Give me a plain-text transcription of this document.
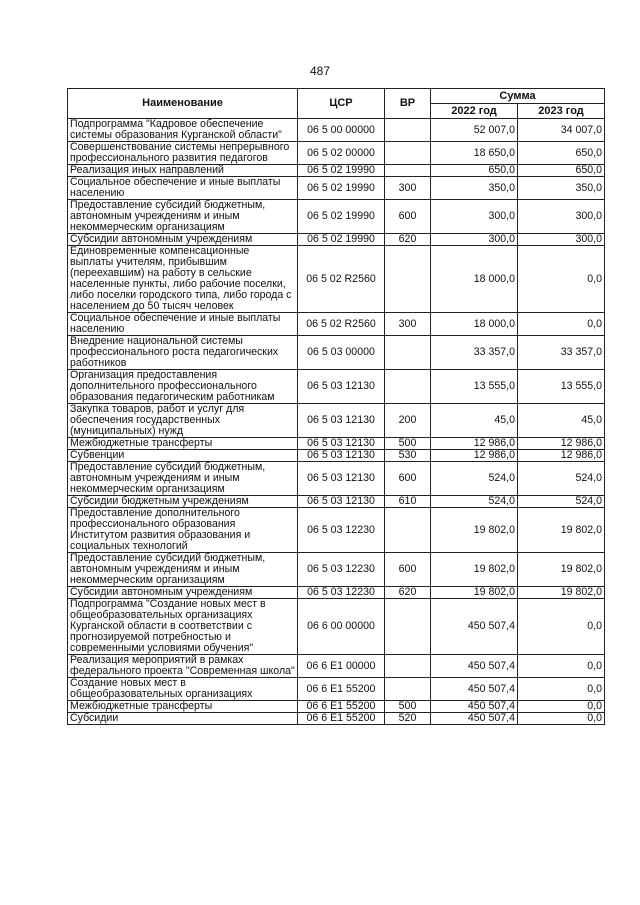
487
Наименование	ЦСР	ВР	Сумма	
			2022 год	2023 год
Подпрограмма "Кадровое обеспечение системы образования Курганской области"	06 5 00 00000		52 007,0	34 007,0
Совершенствование системы непрерывного профессионального развития педагогов	06 5 02 00000		18 650,0	650,0
Реализация иных направлений	06 5 02 19990		650,0	650,0
Социальное обеспечение и иные выплаты населению	06 5 02 19990	300	350,0	350,0
Предоставление субсидий бюджетным, автономным учреждениям и иным некоммерческим организациям	06 5 02 19990	600	300,0	300,0
Субсидии автономным учреждениям	06 5 02 19990	620	300,0	300,0
Единовременные компенсационные выплаты учителям, прибывшим (переехавшим) на работу в сельские населенные пункты, либо рабочие поселки, либо поселки городского типа, либо города с населением до 50 тысяч человек	06 5 02 R2560		18 000,0	0,0
Социальное обеспечение и иные выплаты населению	06 5 02 R2560	300	18 000,0	0,0
Внедрение национальной системы профессионального роста педагогических работников	06 5 03 00000		33 357,0	33 357,0
Организация предоставления дополнительного профессионального образования педагогическим работникам	06 5 03 12130		13 555,0	13 555,0
Закупка товаров, работ и услуг для обеспечения государственных (муниципальных) нужд	06 5 03 12130	200	45,0	45,0
Межбюджетные трансферты	06 5 03 12130	500	12 986,0	12 986,0
Субвенции	06 5 03 12130	530	12 986,0	12 986,0
Предоставление субсидий бюджетным, автономным учреждениям и иным некоммерческим организациям	06 5 03 12130	600	524,0	524,0
Субсидии бюджетным учреждениям	06 5 03 12130	610	524,0	524,0
Предоставление дополнительного профессионального образования Институтом развития образования и социальных технологий	06 5 03 12230		19 802,0	19 802,0
Предоставление субсидий бюджетным, автономным учреждениям и иным некоммерческим организациям	06 5 03 12230	600	19 802,0	19 802,0
Субсидии автономным учреждениям	06 5 03 12230	620	19 802,0	19 802,0
Подпрограмма "Создание новых мест в общеобразовательных организациях Курганской области в соответствии с прогнозируемой потребностью и современными условиями обучения"	06 6 00 00000		450 507,4	0,0
Реализация мероприятий в рамках федерального проекта "Современная школа"	06 6 E1 00000		450 507,4	0,0
Создание новых мест в общеобразовательных организациях	06 6 E1 55200		450 507,4	0,0
Межбюджетные трансферты	06 6 E1 55200	500	450 507,4	0,0
Субсидии	06 6 E1 55200	520	450 507,4	0,0
